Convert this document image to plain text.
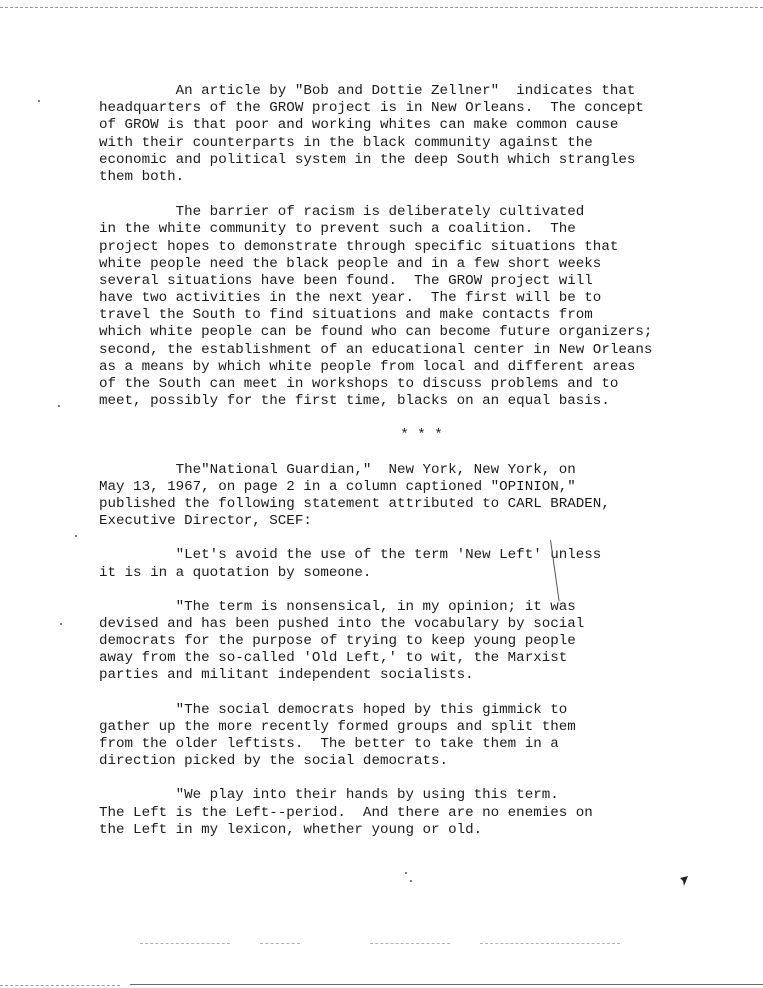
An article by "Bob and Dottie Zellner"  indicates that
headquarters of the GROW project is in New Orleans.  The concept
of GROW is that poor and working whites can make common cause
with their counterparts in the black community against the
economic and political system in the deep South which strangles
them both.

The barrier of racism is deliberately cultivated
in the white community to prevent such a coalition.  The
project hopes to demonstrate through specific situations that
white people need the black people and in a few short weeks
several situations have been found.  The GROW project will
have two activities in the next year.  The first will be to
travel the South to find situations and make contacts from
which white people can be found who can become future organizers;
second, the establishment of an educational center in New Orleans
as a means by which white people from local and different areas
of the South can meet in workshops to discuss problems and to
meet, possibly for the first time, blacks on an equal basis.

* * *

The"National Guardian,"  New York, New York, on
May 13, 1967, on page 2 in a column captioned "OPINION,"
published the following statement attributed to CARL BRADEN,
Executive Director, SCEF:

"Let's avoid the use of the term 'New Left' unless
it is in a quotation by someone.

"The term is nonsensical, in my opinion; it was
devised and has been pushed into the vocabulary by social
democrats for the purpose of trying to keep young people
away from the so-called 'Old Left,' to wit, the Marxist
parties and militant independent socialists.

"The social democrats hoped by this gimmick to
gather up the more recently formed groups and split them
from the older leftists.  The better to take them in a
direction picked by the social democrats.

"We play into their hands by using this term.
The Left is the Left--period.  And there are no enemies on
the Left in my lexicon, whether young or old.
